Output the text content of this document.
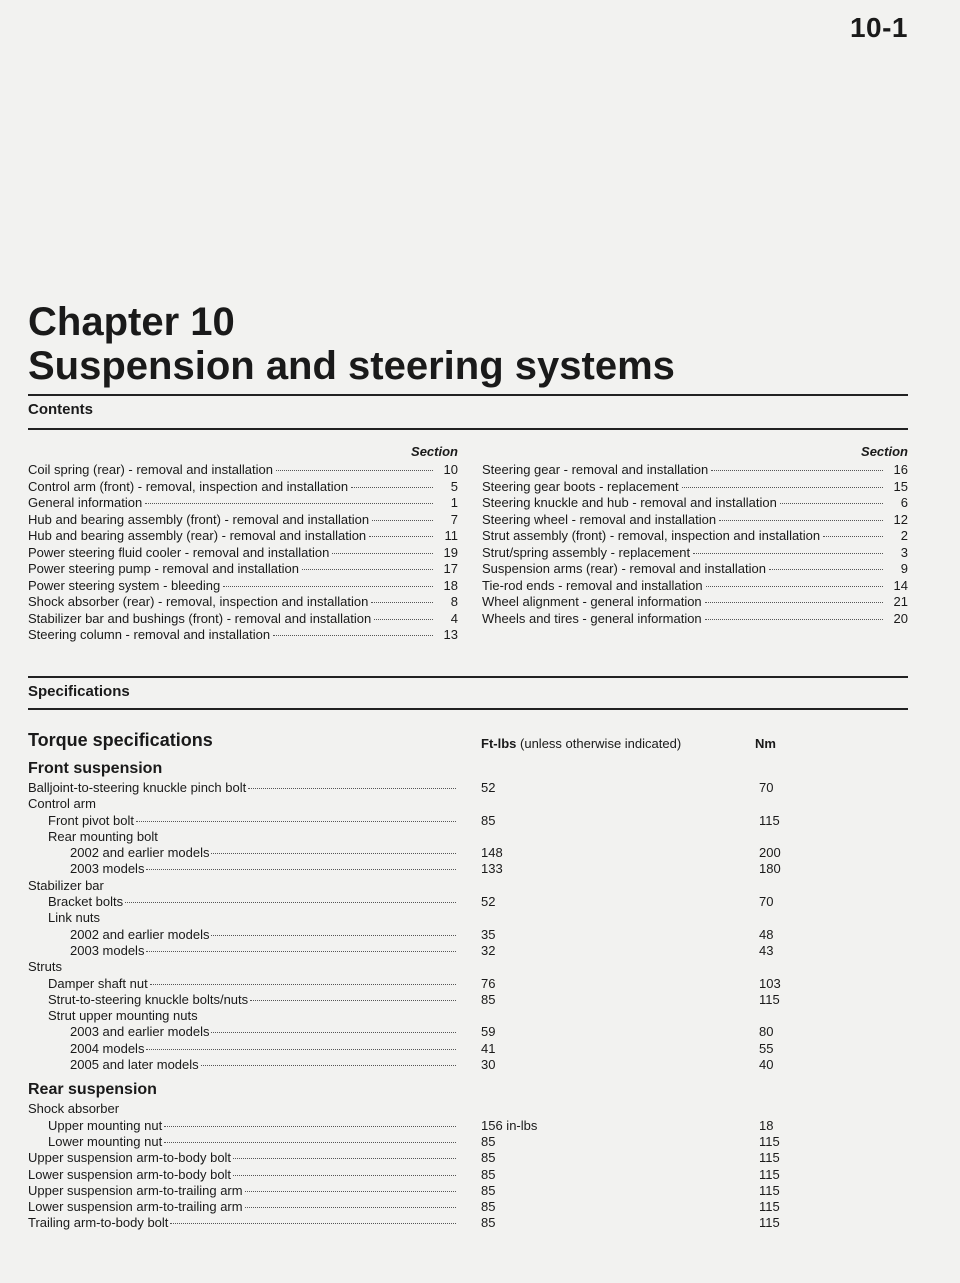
10-1
Chapter 10
Suspension and steering systems
Contents
Section
Coil spring (rear) - removal and installation	10
Control arm (front) - removal, inspection and installation	5
General information	1
Hub and bearing assembly (front) - removal and installation	7
Hub and bearing assembly (rear) - removal and installation	11
Power steering fluid cooler - removal and installation	19
Power steering pump - removal and installation	17
Power steering system - bleeding	18
Shock absorber (rear) - removal, inspection and installation	8
Stabilizer bar and bushings (front) - removal and installation	4
Steering column - removal and installation	13
Section
Steering gear - removal and installation	16
Steering gear boots - replacement	15
Steering knuckle and hub - removal and installation	6
Steering wheel - removal and installation	12
Strut assembly (front) - removal, inspection and installation	2
Strut/spring assembly - replacement	3
Suspension arms (rear) - removal and installation	9
Tie-rod ends - removal and installation	14
Wheel alignment - general information	21
Wheels and tires - general information	20
Specifications
Torque specifications	Ft-lbs (unless otherwise indicated)	Nm
Front suspension
Balljoint-to-steering knuckle pinch bolt	52	70
Control arm
Front pivot bolt	85	115
Rear mounting bolt
2002 and earlier models	148	200
2003 models	133	180
Stabilizer bar
Bracket bolts	52	70
Link nuts
2002 and earlier models	35	48
2003 models	32	43
Struts
Damper shaft nut	76	103
Strut-to-steering knuckle bolts/nuts	85	115
Strut upper mounting nuts
2003 and earlier models	59	80
2004 models	41	55
2005 and later models	30	40
Rear suspension
Shock absorber
Upper mounting nut	156 in-lbs	18
Lower mounting nut	85	115
Upper suspension arm-to-body bolt	85	115
Lower suspension arm-to-body bolt	85	115
Upper suspension arm-to-trailing arm	85	115
Lower suspension arm-to-trailing arm	85	115
Trailing arm-to-body bolt	85	115
